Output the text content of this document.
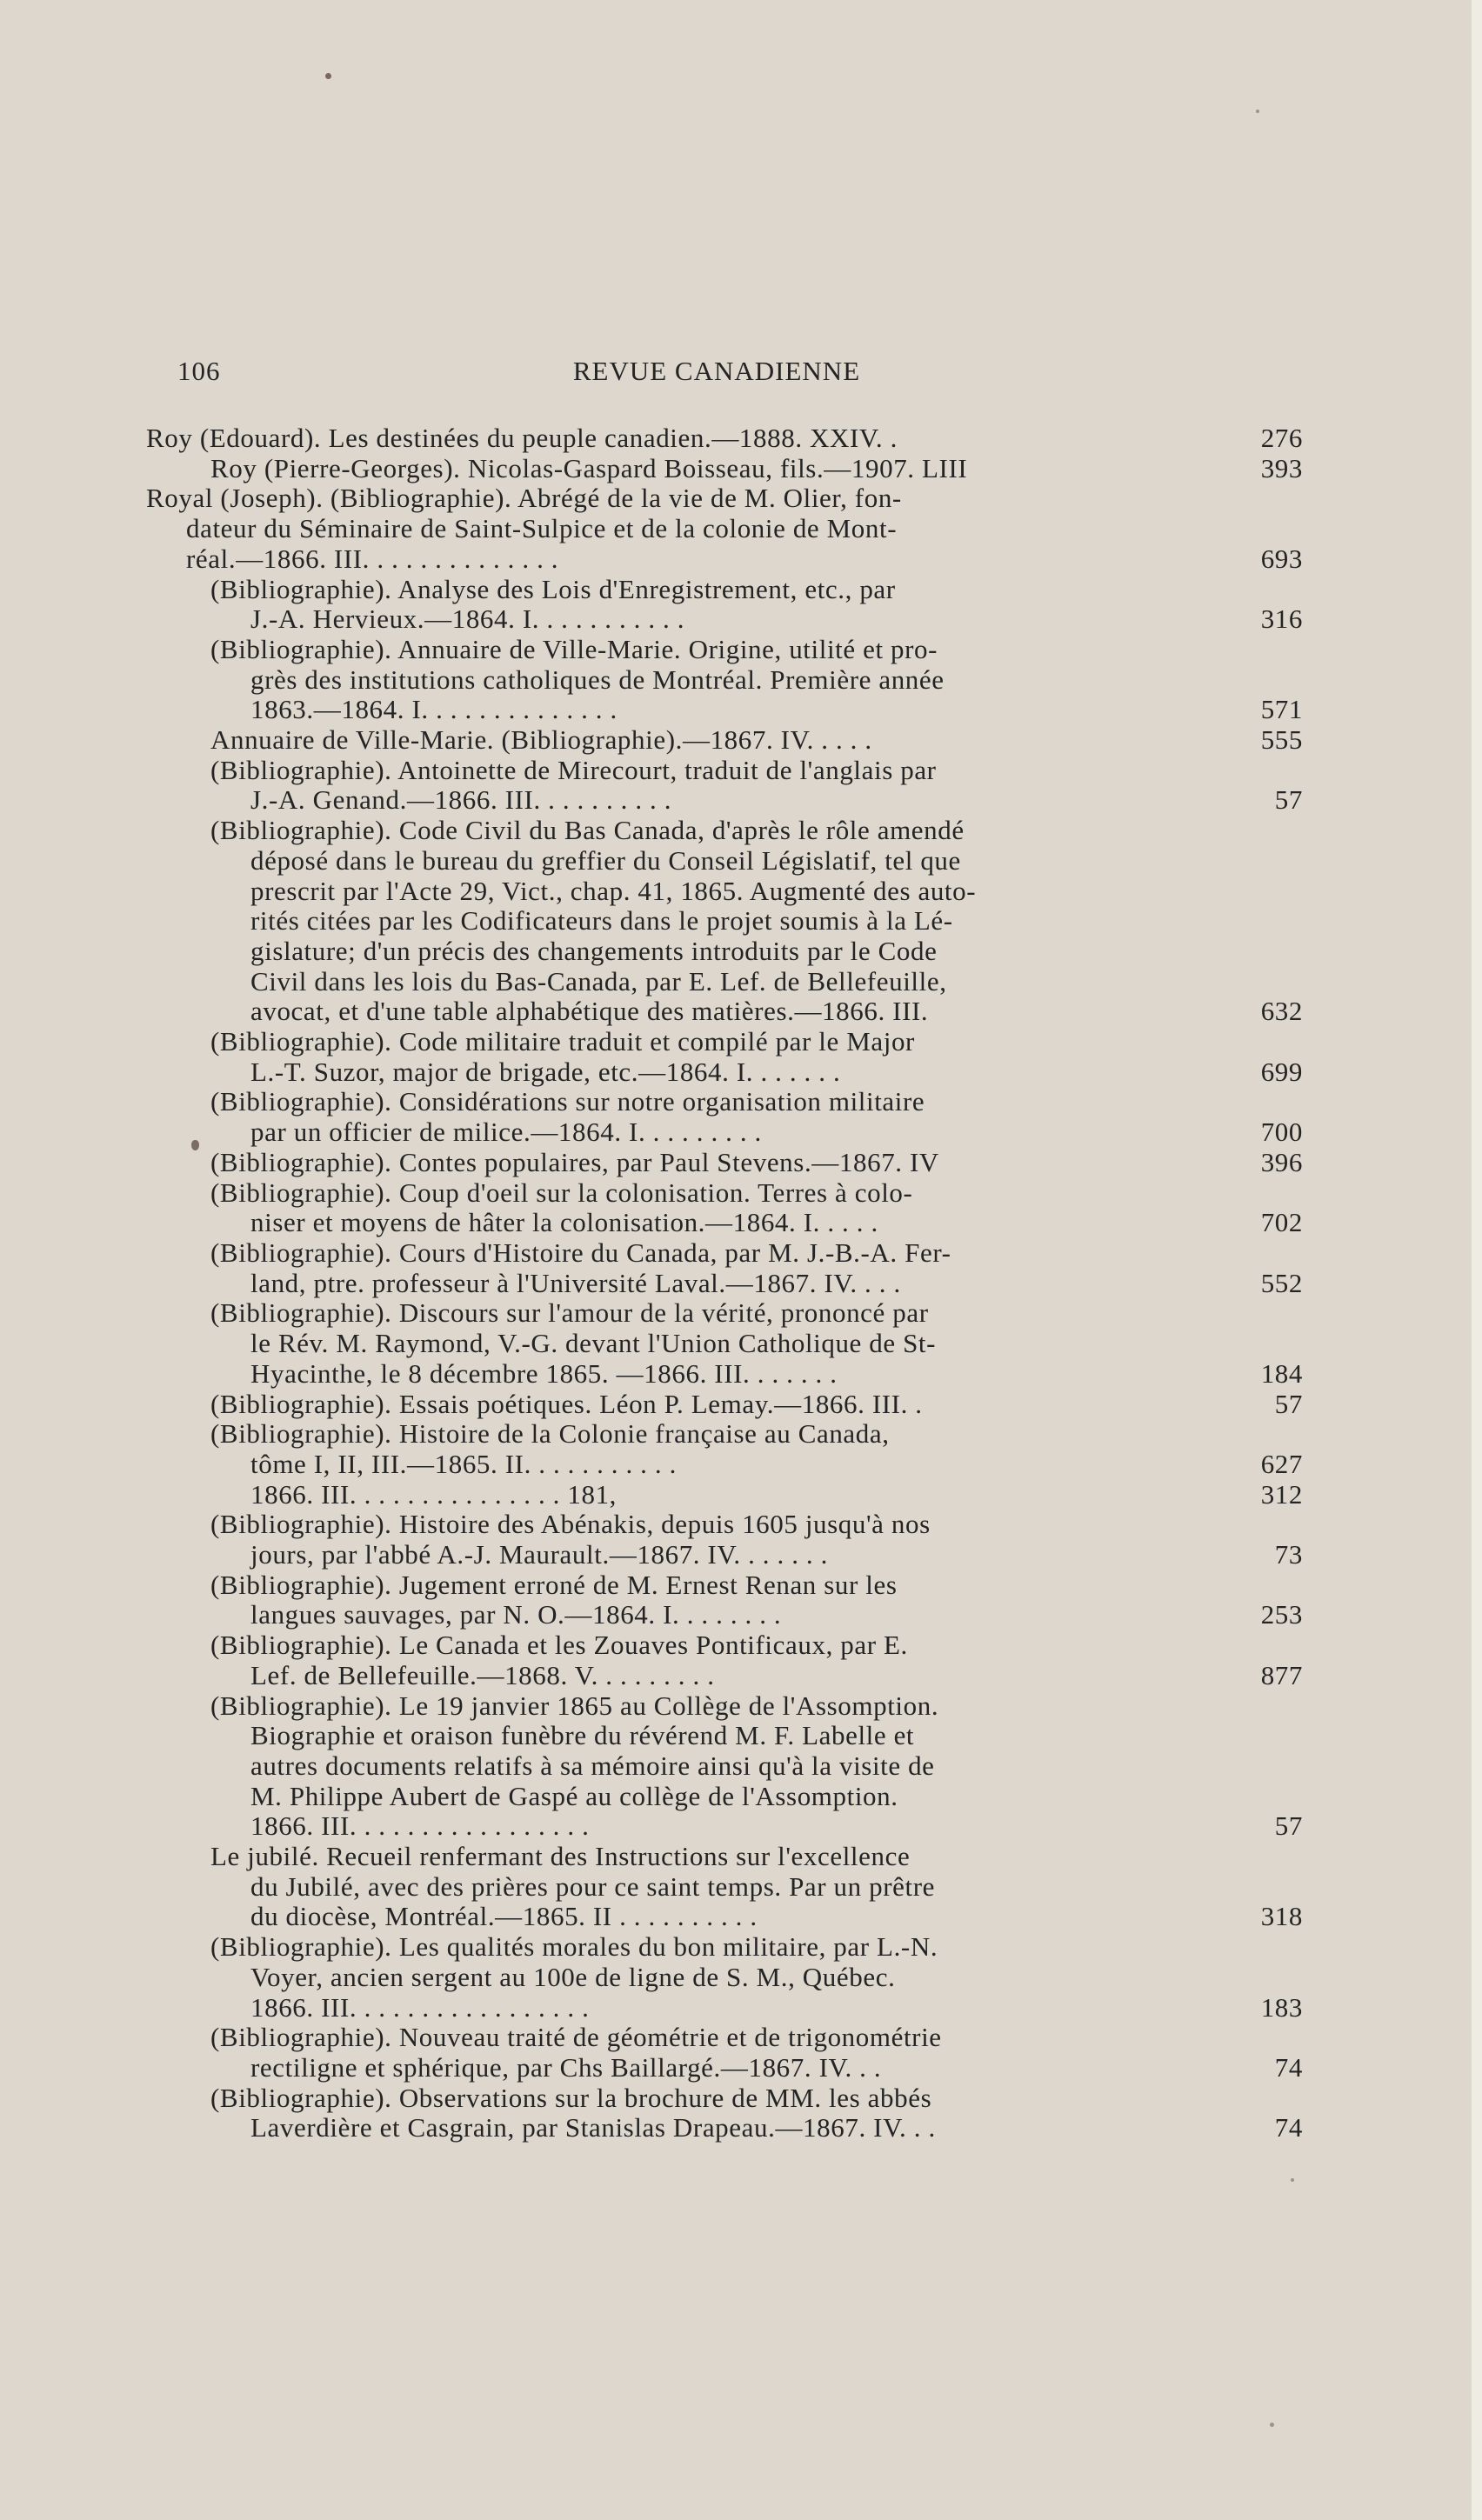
106	REVUE CANADIENNE
Roy (Edouard). Les destinées du peuple canadien.—1888. XXIV. .	276
Roy (Pierre-Georges). Nicolas-Gaspard Boisseau, fils.—1907. LIII	393
Royal (Joseph). (Bibliographie). Abrégé de la vie de M. Olier, fon-
dateur du Séminaire de Saint-Sulpice et de la colonie de Mont-
réal.—1866. III. . . . . . . . . . . . . .	693
(Bibliographie). Analyse des Lois d'Enregistrement, etc., par
J.-A. Hervieux.—1864. I. . . . . . . . . . .	316
(Bibliographie). Annuaire de Ville-Marie. Origine, utilité et pro-
grès des institutions catholiques de Montréal. Première année
1863.—1864. I. . . . . . . . . . . . . .	571
Annuaire de Ville-Marie. (Bibliographie).—1867. IV. . . . .	555
(Bibliographie). Antoinette de Mirecourt, traduit de l'anglais par
J.-A. Genand.—1866. III. . . . . . . . . .	57
(Bibliographie). Code Civil du Bas Canada, d'après le rôle amendé
déposé dans le bureau du greffier du Conseil Législatif, tel que
prescrit par l'Acte 29, Vict., chap. 41, 1865. Augmenté des auto-
rités citées par les Codificateurs dans le projet soumis à la Lé-
gislature; d'un précis des changements introduits par le Code
Civil dans les lois du Bas-Canada, par E. Lef. de Bellefeuille,
avocat, et d'une table alphabétique des matières.—1866. III.	632
(Bibliographie). Code militaire traduit et compilé par le Major
L.-T. Suzor, major de brigade, etc.—1864. I. . . . . . .	699
(Bibliographie). Considérations sur notre organisation militaire
par un officier de milice.—1864. I. . . . . . . . .	700
(Bibliographie). Contes populaires, par Paul Stevens.—1867. IV	396
(Bibliographie). Coup d'oeil sur la colonisation. Terres à colo-
niser et moyens de hâter la colonisation.—1864. I. . . . .	702
(Bibliographie). Cours d'Histoire du Canada, par M. J.-B.-A. Fer-
land, ptre. professeur à l'Université Laval.—1867. IV. . . .	552
(Bibliographie). Discours sur l'amour de la vérité, prononcé par
le Rév. M. Raymond, V.-G. devant l'Union Catholique de St-
Hyacinthe, le 8 décembre 1865. —1866. III. . . . . . .	184
(Bibliographie). Essais poétiques. Léon P. Lemay.—1866. III. .	57
(Bibliographie). Histoire de la Colonie française au Canada,
tôme I, II, III.—1865. II. . . . . . . . . . .	627
1866. III. . . . . . . . . . . . . . . 181,	312
(Bibliographie). Histoire des Abénakis, depuis 1605 jusqu'à nos
jours, par l'abbé A.-J. Maurault.—1867. IV. . . . . . .	73
(Bibliographie). Jugement erroné de M. Ernest Renan sur les
langues sauvages, par N. O.—1864. I. . . . . . . .	253
(Bibliographie). Le Canada et les Zouaves Pontificaux, par E.
Lef. de Bellefeuille.—1868. V. . . . . . . . .	877
(Bibliographie). Le 19 janvier 1865 au Collège de l'Assomption.
Biographie et oraison funèbre du révérend M. F. Labelle et
autres documents relatifs à sa mémoire ainsi qu'à la visite de
M. Philippe Aubert de Gaspé au collège de l'Assomption.
1866. III. . . . . . . . . . . . . . . . .	57
Le jubilé. Recueil renfermant des Instructions sur l'excellence
du Jubilé, avec des prières pour ce saint temps. Par un prêtre
du diocèse, Montréal.—1865. II . . . . . . . . . .	318
(Bibliographie). Les qualités morales du bon militaire, par L.-N.
Voyer, ancien sergent au 100e de ligne de S. M., Québec.
1866. III. . . . . . . . . . . . . . . . .	183
(Bibliographie). Nouveau traité de géométrie et de trigonométrie
rectiligne et sphérique, par Chs Baillargé.—1867. IV. . .	74
(Bibliographie). Observations sur la brochure de MM. les abbés
Laverdière et Casgrain, par Stanislas Drapeau.—1867. IV. . .	74
